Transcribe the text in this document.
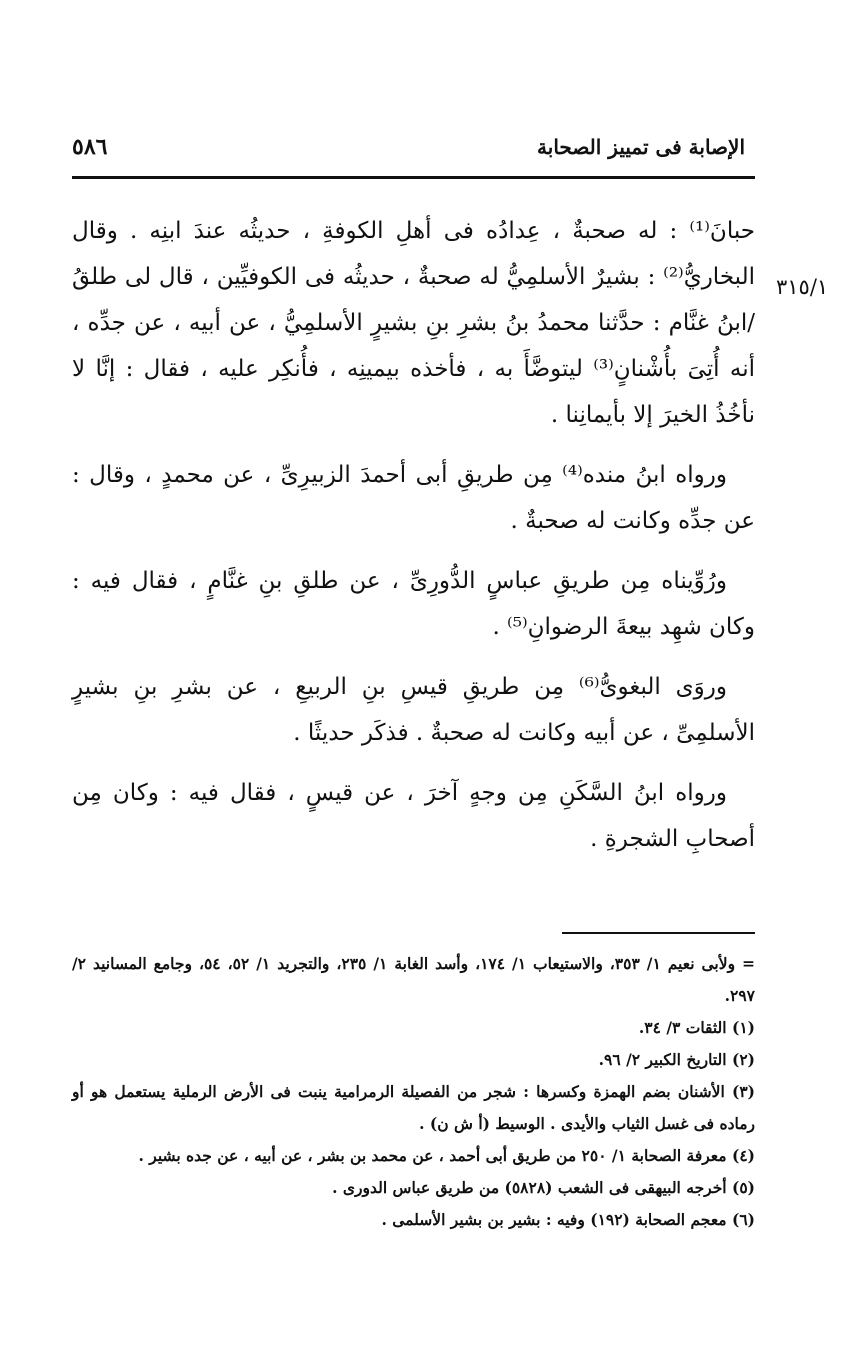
٥٨٦	الإصابة فى تمييز الصحابة
٣١٥/١

حبانَ⁽¹⁾ : له صحبةٌ ، عِدادُه فى أهلِ الكوفةِ ، حديثُه عندَ ابنِه . وقال البخاريُّ⁽²⁾ : بشيرٌ الأسلمِيُّ له صحبةٌ ، حديثُه فى الكوفيِّين ، قال لى طلقُ /ابنُ غنَّام : حدَّثنا محمدُ بنُ بشرِ بنِ بشيرٍ الأسلمِيُّ ، عن أبيه ، عن جدِّه ، أنه أُتِىَ بأُشْنانٍ⁽³⁾ ليتوضَّأَ به ، فأخذه بيمينِه ، فأُنكِر عليه ، فقال : إنَّا لا نأخُذُ الخيرَ إلا بأيمانِنا .

ورواه ابنُ منده⁽⁴⁾ مِن طريقِ أبى أحمدَ الزبيرِىِّ ، عن محمدٍ ، وقال : عن جدِّه وكانت له صحبةٌ .

ورُوِّيناه مِن طريقِ عباسٍ الدُّورِىِّ ، عن طلقِ بنِ غنَّامٍ ، فقال فيه : وكان شهِد بيعةَ الرضوانِ⁽⁵⁾ .

وروَى البغوىُّ⁽⁶⁾ مِن طريقِ قيسِ بنِ الربيعِ ، عن بشرِ بنِ بشيرٍ الأسلمِىِّ ، عن أبيه وكانت له صحبةٌ . فذكَر حديثًا .

ورواه ابنُ السَّكَنِ مِن وجهٍ آخرَ ، عن قيسٍ ، فقال فيه : وكان مِن أصحابِ الشجرةِ .

= ولأبى نعيم ١/ ٣٥٣، والاستيعاب ١/ ١٧٤، وأسد الغابة ١/ ٢٣٥، والتجريد ١/ ٥٢، ٥٤، وجامع المسانيد ٢/ ٢٩٧.

(١) الثقات ٣/ ٣٤.

(٢) التاريخ الكبير ٢/ ٩٦.

(٣) الأشنان بضم الهمزة وكسرها : شجر من الفصيلة الرمرامية ينبت فى الأرض الرملية يستعمل هو أو رماده فى غسل الثياب والأيدى . الوسيط (أ ش ن) .

(٤) معرفة الصحابة ١/ ٢٥٠ من طريق أبى أحمد ، عن محمد بن بشر ، عن أبيه ، عن جده بشير .

(٥) أخرجه البيهقى فى الشعب (٥٨٢٨) من طريق عباس الدورى .

(٦) معجم الصحابة (١٩٢) وفيه : بشير بن بشير الأسلمى .
